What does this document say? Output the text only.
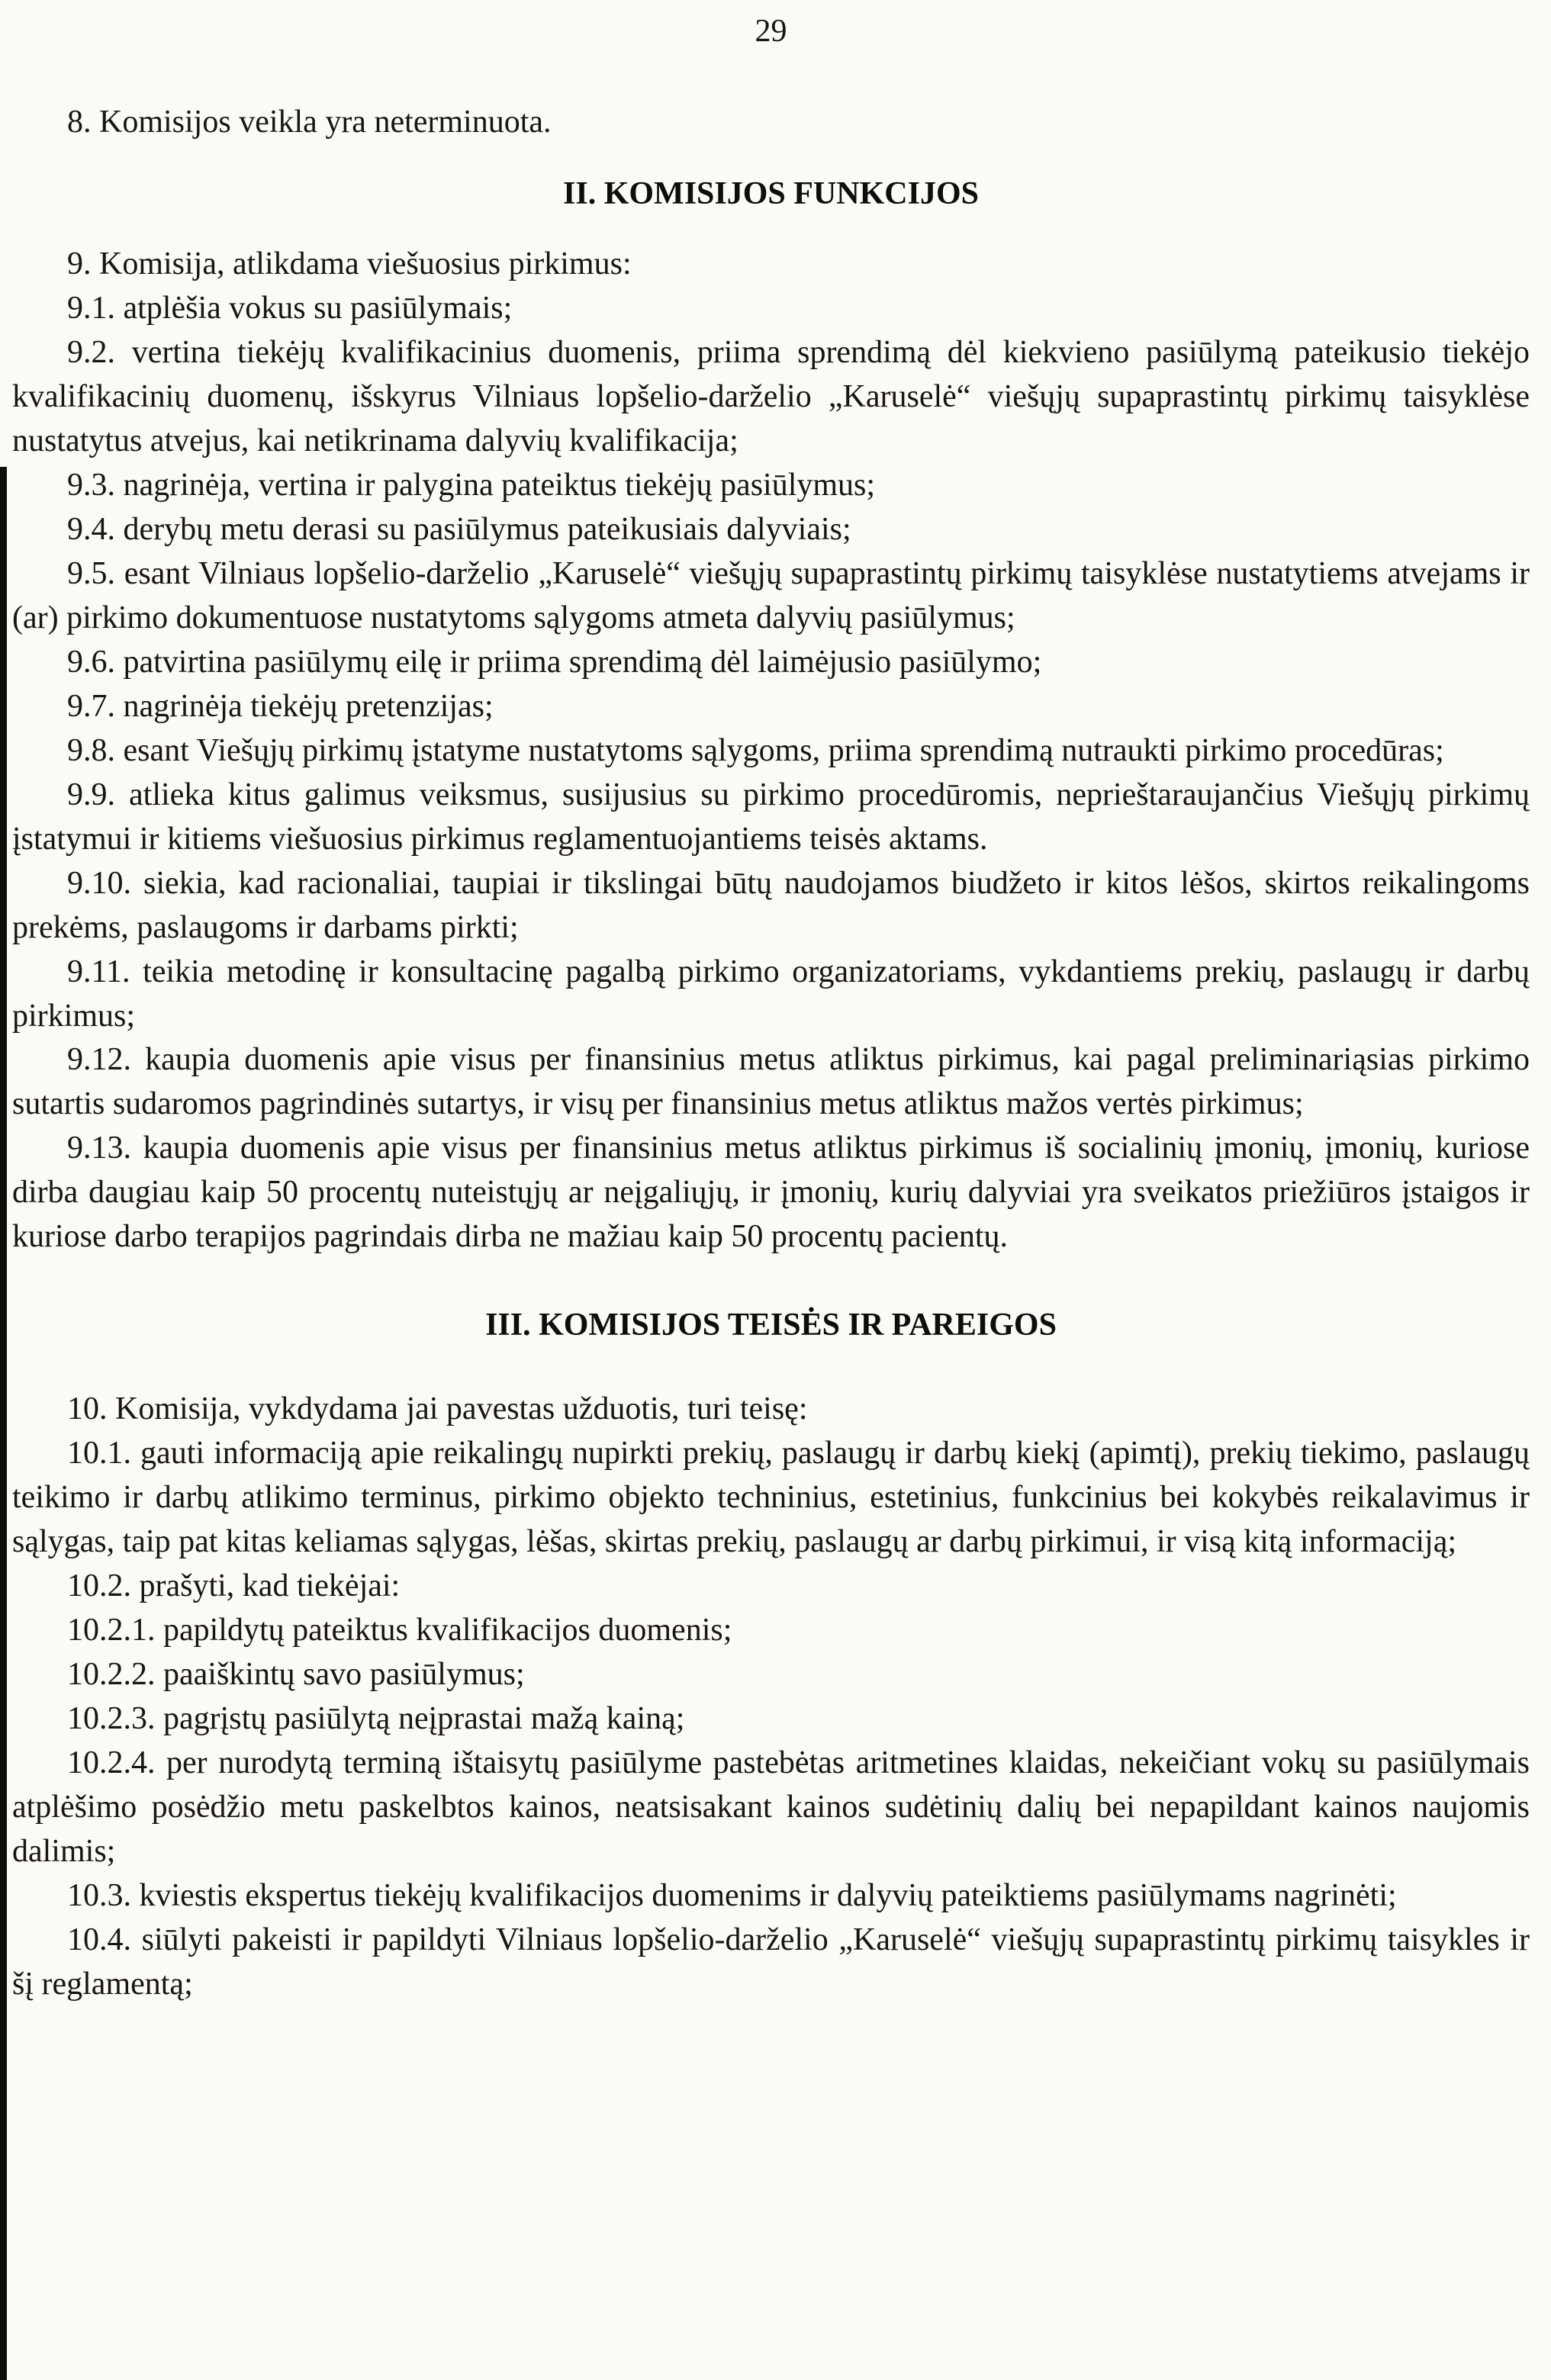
29

8. Komisijos veikla yra neterminuota.

II. KOMISIJOS FUNKCIJOS

9. Komisija, atlikdama viešuosius pirkimus:

9.1. atplėšia vokus su pasiūlymais;

9.2. vertina tiekėjų kvalifikacinius duomenis, priima sprendimą dėl kiekvieno pasiūlymą pateikusio tiekėjo kvalifikacinių duomenų, išskyrus Vilniaus lopšelio-darželio „Karuselė“ viešųjų supaprastintų pirkimų taisyklėse nustatytus atvejus, kai netikrinama dalyvių kvalifikacija;

9.3. nagrinėja, vertina ir palygina pateiktus tiekėjų pasiūlymus;

9.4. derybų metu derasi su pasiūlymus pateikusiais dalyviais;

9.5. esant Vilniaus lopšelio-darželio „Karuselė“ viešųjų supaprastintų pirkimų taisyklėse nustatytiems atvejams ir (ar) pirkimo dokumentuose nustatytoms sąlygoms atmeta dalyvių pasiūlymus;

9.6. patvirtina pasiūlymų eilę ir priima sprendimą dėl laimėjusio pasiūlymo;

9.7. nagrinėja tiekėjų pretenzijas;

9.8. esant Viešųjų pirkimų įstatyme nustatytoms sąlygoms, priima sprendimą nutraukti pirkimo procedūras;

9.9. atlieka kitus galimus veiksmus, susijusius su pirkimo procedūromis, neprieštaraujančius Viešųjų pirkimų įstatymui ir kitiems viešuosius pirkimus reglamentuojantiems teisės aktams.

9.10. siekia, kad racionaliai, taupiai ir tikslingai būtų naudojamos biudžeto ir kitos lėšos, skirtos reikalingoms prekėms, paslaugoms ir darbams pirkti;

9.11. teikia metodinę ir konsultacinę pagalbą pirkimo organizatoriams, vykdantiems prekių, paslaugų ir darbų pirkimus;

9.12. kaupia duomenis apie visus per finansinius metus atliktus pirkimus, kai pagal preliminariąsias pirkimo sutartis sudaromos pagrindinės sutartys, ir visų per finansinius metus atliktus mažos vertės pirkimus;

9.13. kaupia duomenis apie visus per finansinius metus atliktus pirkimus iš socialinių įmonių, įmonių, kuriose dirba daugiau kaip 50 procentų nuteistųjų ar neįgaliųjų, ir įmonių, kurių dalyviai yra sveikatos priežiūros įstaigos ir kuriose darbo terapijos pagrindais dirba ne mažiau kaip 50 procentų pacientų.

III. KOMISIJOS TEISĖS IR PAREIGOS

10. Komisija, vykdydama jai pavestas užduotis, turi teisę:

10.1. gauti informaciją apie reikalingų nupirkti prekių, paslaugų ir darbų kiekį (apimtį), prekių tiekimo, paslaugų teikimo ir darbų atlikimo terminus, pirkimo objekto techninius, estetinius, funkcinius bei kokybės reikalavimus ir sąlygas, taip pat kitas keliamas sąlygas, lėšas, skirtas prekių, paslaugų ar darbų pirkimui, ir visą kitą informaciją;

10.2. prašyti, kad tiekėjai:

10.2.1. papildytų pateiktus kvalifikacijos duomenis;

10.2.2. paaiškintų savo pasiūlymus;

10.2.3. pagrįstų pasiūlytą neįprastai mažą kainą;

10.2.4. per nurodytą terminą ištaisytų pasiūlyme pastebėtas aritmetines klaidas, nekeičiant vokų su pasiūlymais atplėšimo posėdžio metu paskelbtos kainos, neatsisakant kainos sudėtinių dalių bei nepapildant kainos naujomis dalimis;

10.3. kviestis ekspertus tiekėjų kvalifikacijos duomenims ir dalyvių pateiktiems pasiūlymams nagrinėti;

10.4. siūlyti pakeisti ir papildyti Vilniaus lopšelio-darželio „Karuselė“ viešųjų supaprastintų pirkimų taisykles ir šį reglamentą;
